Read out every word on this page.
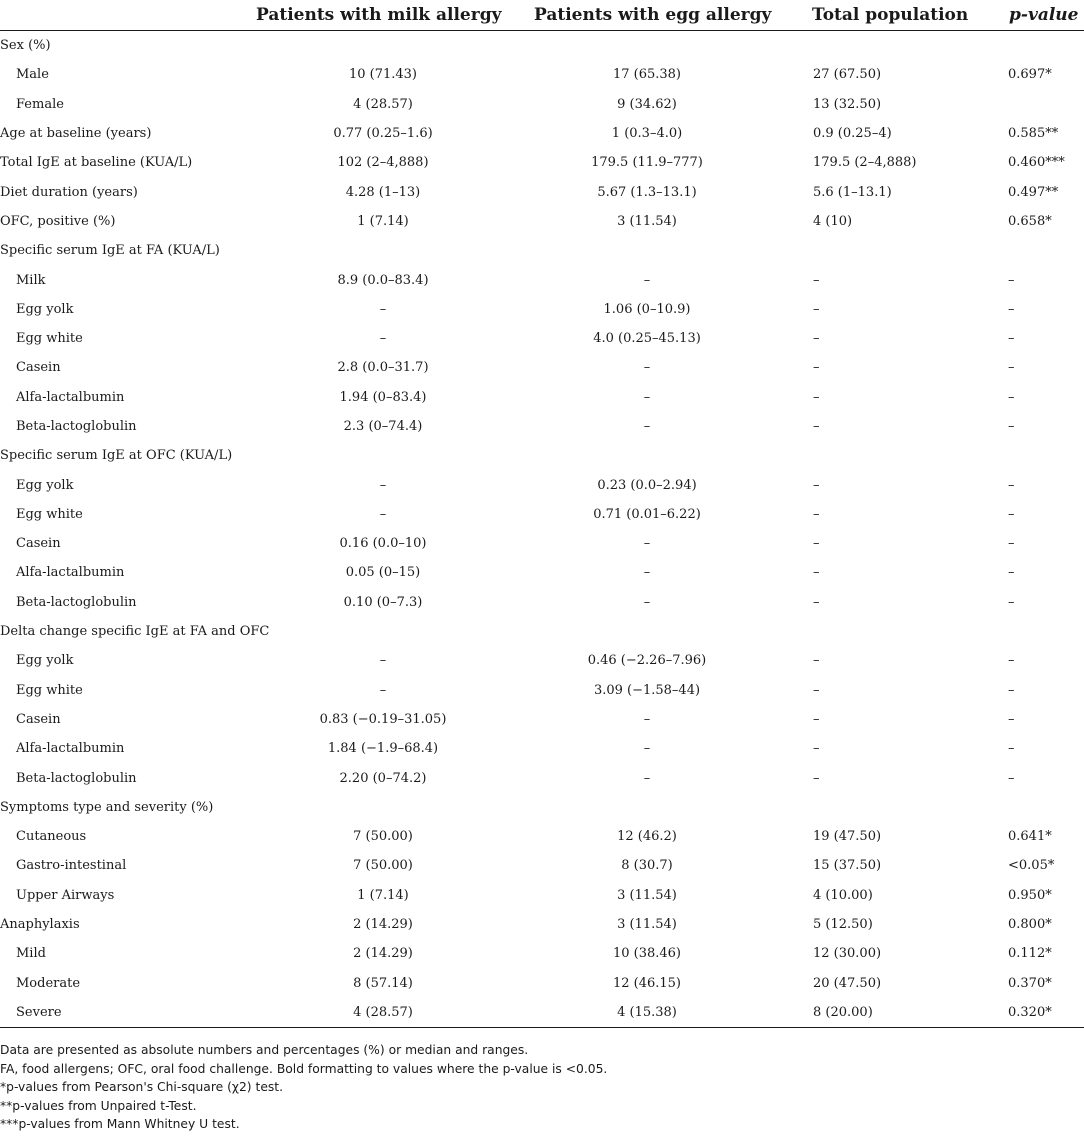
	Patients with milk allergy	Patients with egg allergy	Total population	p-value
Sex (%)				
Male	10 (71.43)	17 (65.38)	27 (67.50)	0.697*
Female	4 (28.57)	9 (34.62)	13 (32.50)	
Age at baseline (years)	0.77 (0.25–1.6)	1 (0.3–4.0)	0.9 (0.25–4)	0.585**
Total IgE at baseline (KUA/L)	102 (2–4,888)	179.5 (11.9–777)	179.5 (2–4,888)	0.460***
Diet duration (years)	4.28 (1–13)	5.67 (1.3–13.1)	5.6 (1–13.1)	0.497**
OFC, positive (%)	1 (7.14)	3 (11.54)	4 (10)	0.658*
Specific serum IgE at FA (KUA/L)				
Milk	8.9 (0.0–83.4)	–	–	–
Egg yolk	–	1.06 (0–10.9)	–	–
Egg white	–	4.0 (0.25–45.13)	–	–
Casein	2.8 (0.0–31.7)	–	–	–
Alfa-lactalbumin	1.94 (0–83.4)	–	–	–
Beta-lactoglobulin	2.3 (0–74.4)	–	–	–
Specific serum IgE at OFC (KUA/L)				
Egg yolk	–	0.23 (0.0–2.94)	–	–
Egg white	–	0.71 (0.01–6.22)	–	–
Casein	0.16 (0.0–10)	–	–	–
Alfa-lactalbumin	0.05 (0–15)	–	–	–
Beta-lactoglobulin	0.10 (0–7.3)	–	–	–
Delta change specific IgE at FA and OFC				
Egg yolk	–	0.46 (−2.26–7.96)	–	–
Egg white	–	3.09 (−1.58–44)	–	–
Casein	0.83 (−0.19–31.05)	–	–	–
Alfa-lactalbumin	1.84 (−1.9–68.4)	–	–	–
Beta-lactoglobulin	2.20 (0–74.2)	–	–	–
Symptoms type and severity (%)				
Cutaneous	7 (50.00)	12 (46.2)	19 (47.50)	0.641*
Gastro-intestinal	7 (50.00)	8 (30.7)	15 (37.50)	<0.05*
Upper Airways	1 (7.14)	3 (11.54)	4 (10.00)	0.950*
Anaphylaxis	2 (14.29)	3 (11.54)	5 (12.50)	0.800*
Mild	2 (14.29)	10 (38.46)	12 (30.00)	0.112*
Moderate	8 (57.14)	12 (46.15)	20 (47.50)	0.370*
Severe	4 (28.57)	4 (15.38)	8 (20.00)	0.320*
Data are presented as absolute numbers and percentages (%) or median and ranges.
FA, food allergens; OFC, oral food challenge. Bold formatting to values where the p-value is <0.05.
*p-values from Pearson's Chi-square (χ2) test.
**p-values from Unpaired t-Test.
***p-values from Mann Whitney U test.
